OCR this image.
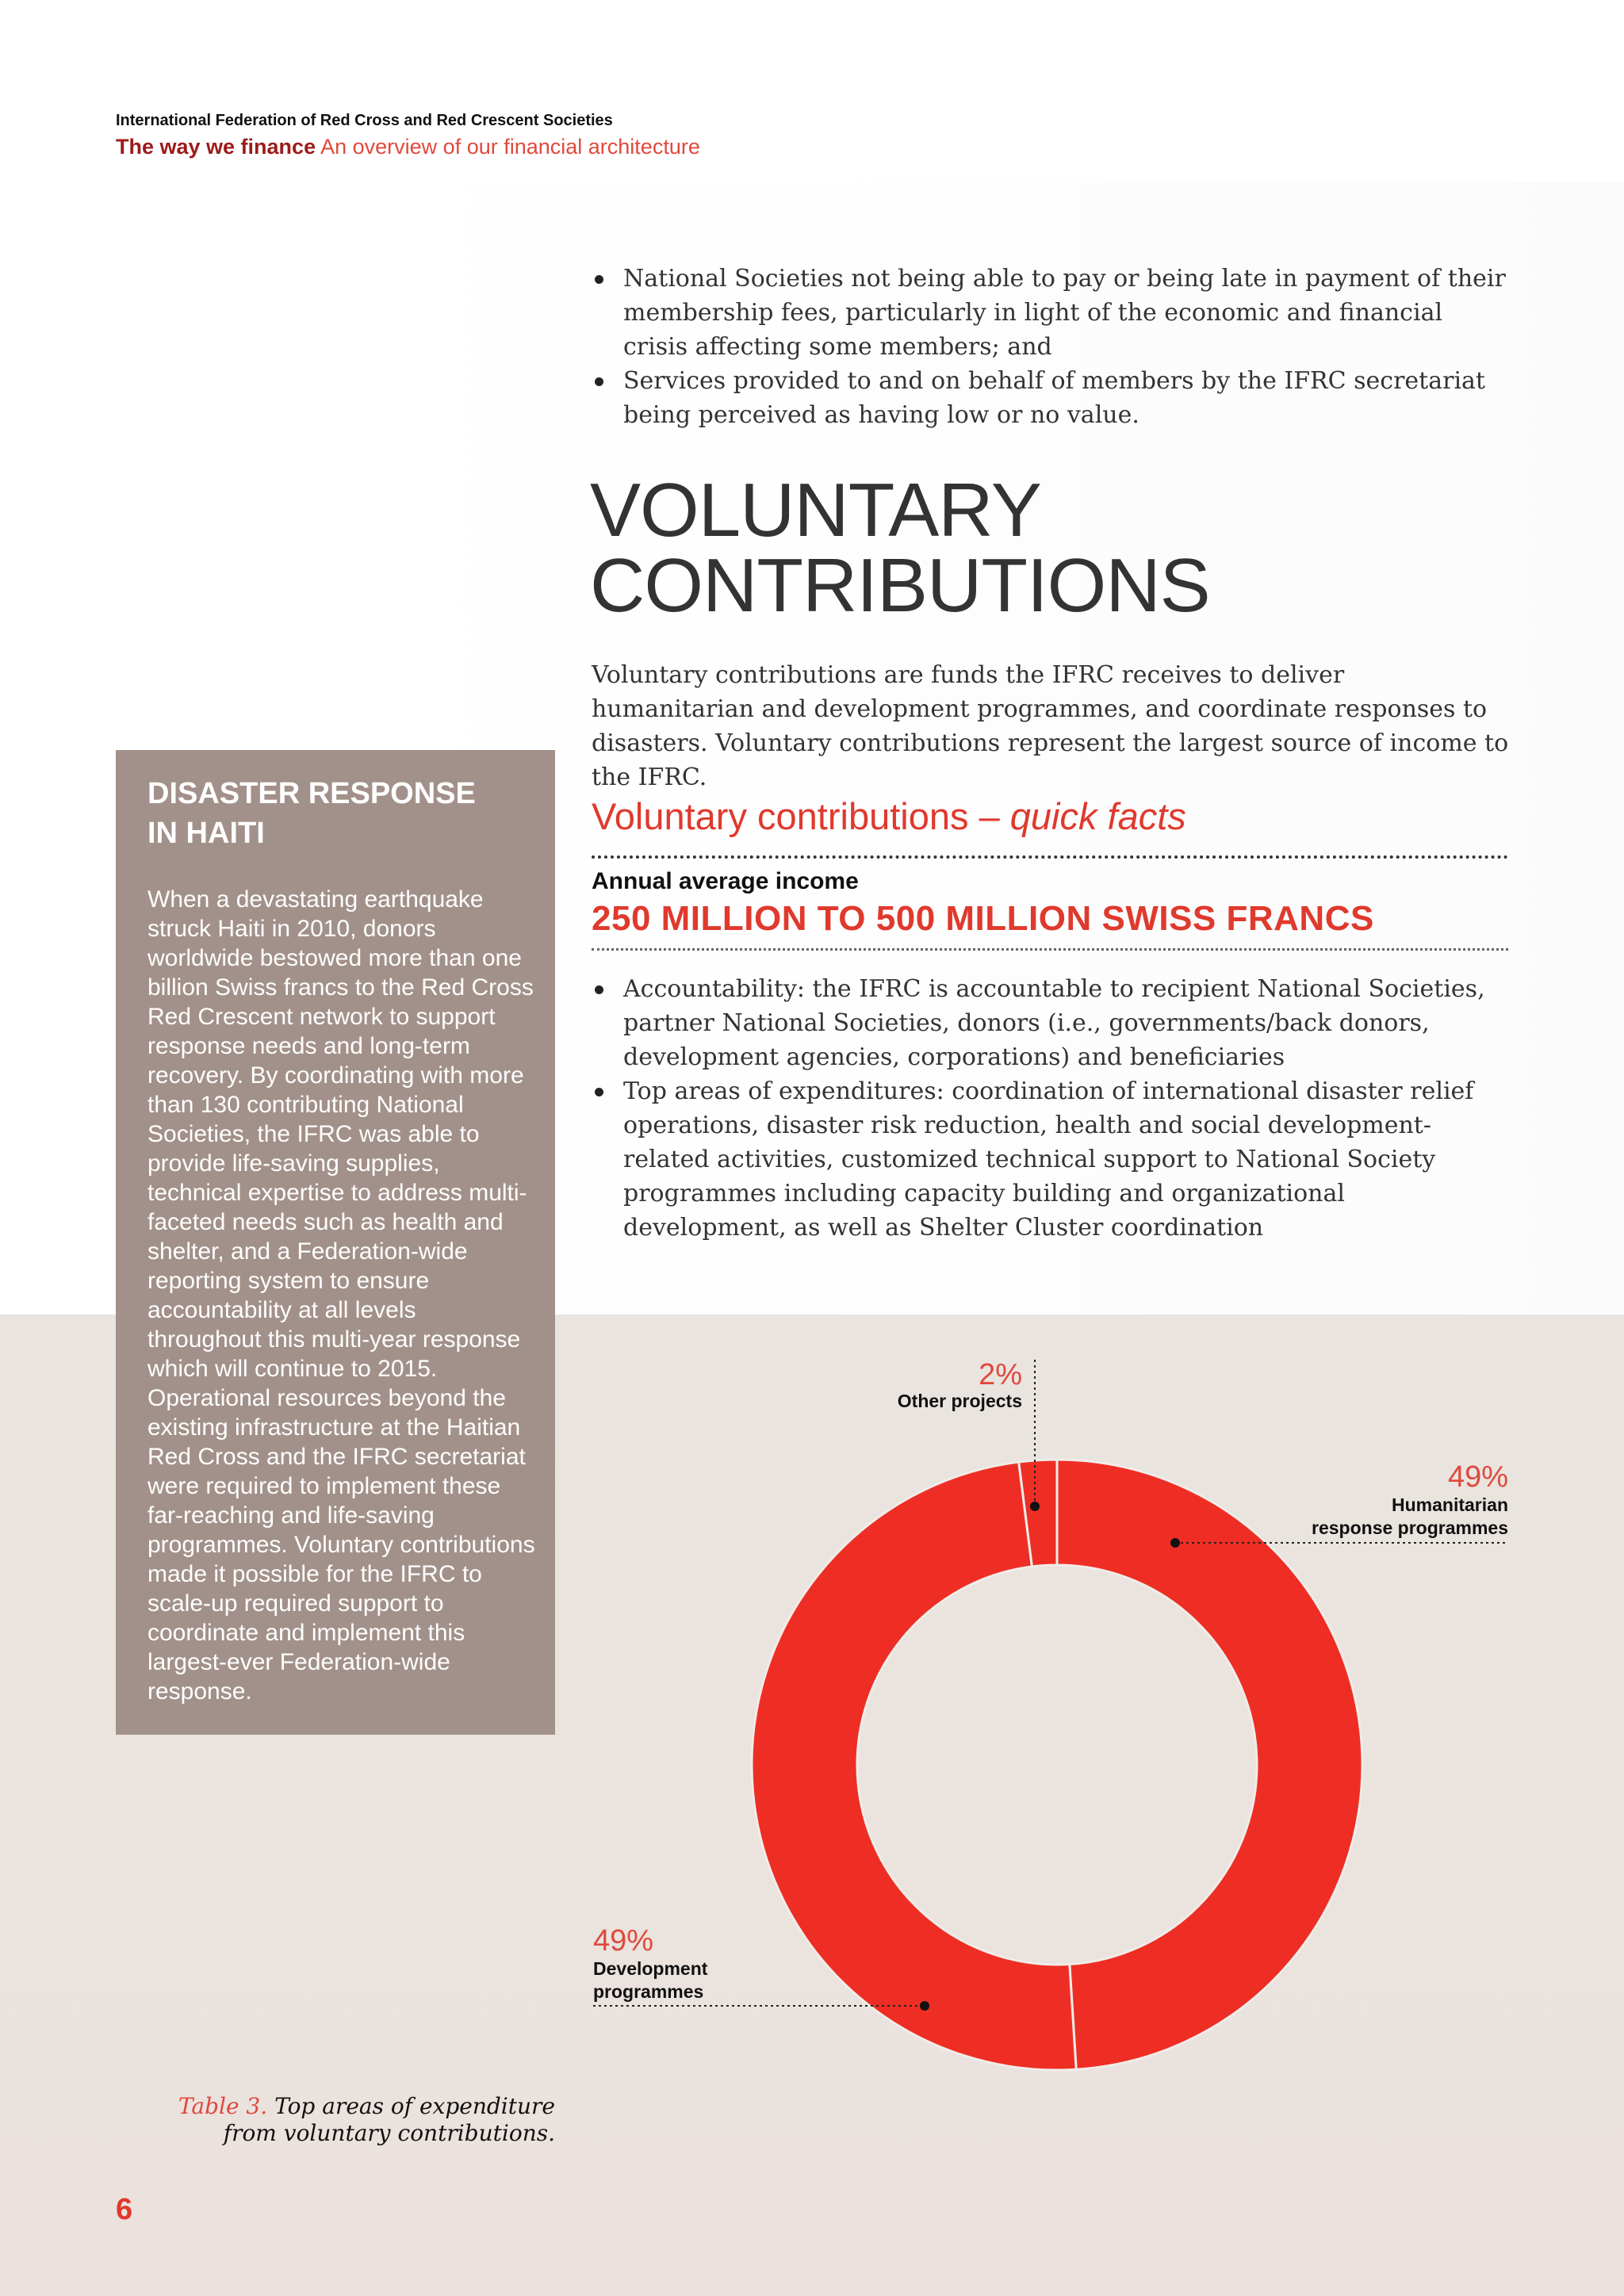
International Federation of Red Cross and Red Crescent Societies
The way we finance An overview of our financial architecture
National Societies not being able to pay or being late in payment of their membership fees, particularly in light of the economic and financial crisis affecting some members; and
Services provided to and on behalf of members by the IFRC secretariat being perceived as having low or no value.
VOLUNTARY
CONTRIBUTIONS
Voluntary contributions are funds the IFRC receives to deliver humanitarian and development programmes, and coordinate responses to disasters. Voluntary contributions represent the largest source of income to the IFRC.
Voluntary contributions – quick facts
Annual average income
250 MILLION TO 500 MILLION SWISS FRANCS
Accountability: the IFRC is accountable to recipient National Societies, partner National Societies, donors (i.e., governments/back donors, development agencies, corporations) and beneficiaries
Top areas of expenditures: coordination of international disaster relief operations, disaster risk reduction, health and social development-related activities, customized technical support to National Society programmes including capacity building and organizational development, as well as Shelter Cluster coordination
DISASTER RESPONSE
IN HAITI
When a devastating earthquake struck Haiti in 2010, donors worldwide bestowed more than one billion Swiss francs to the Red Cross Red Crescent network to support response needs and long-term recovery. By coordinating with more than 130 contributing National Societies, the IFRC was able to provide life-saving supplies, technical expertise to address multi-faceted needs such as health and shelter, and a Federation-wide reporting system to ensure accountability at all levels throughout this multi-year response which will continue to 2015. Operational resources beyond the existing infrastructure at the Haitian Red Cross and the IFRC secretariat were required to implement these far-reaching and life-saving programmes. Voluntary contributions made it possible for the IFRC to scale-up required support to coordinate and implement this largest-ever Federation-wide response.
2%
Other projects
49%
Humanitarian
response programmes
49%
Development
programmes
Table 3. Top areas of expenditure from voluntary contributions.
6
